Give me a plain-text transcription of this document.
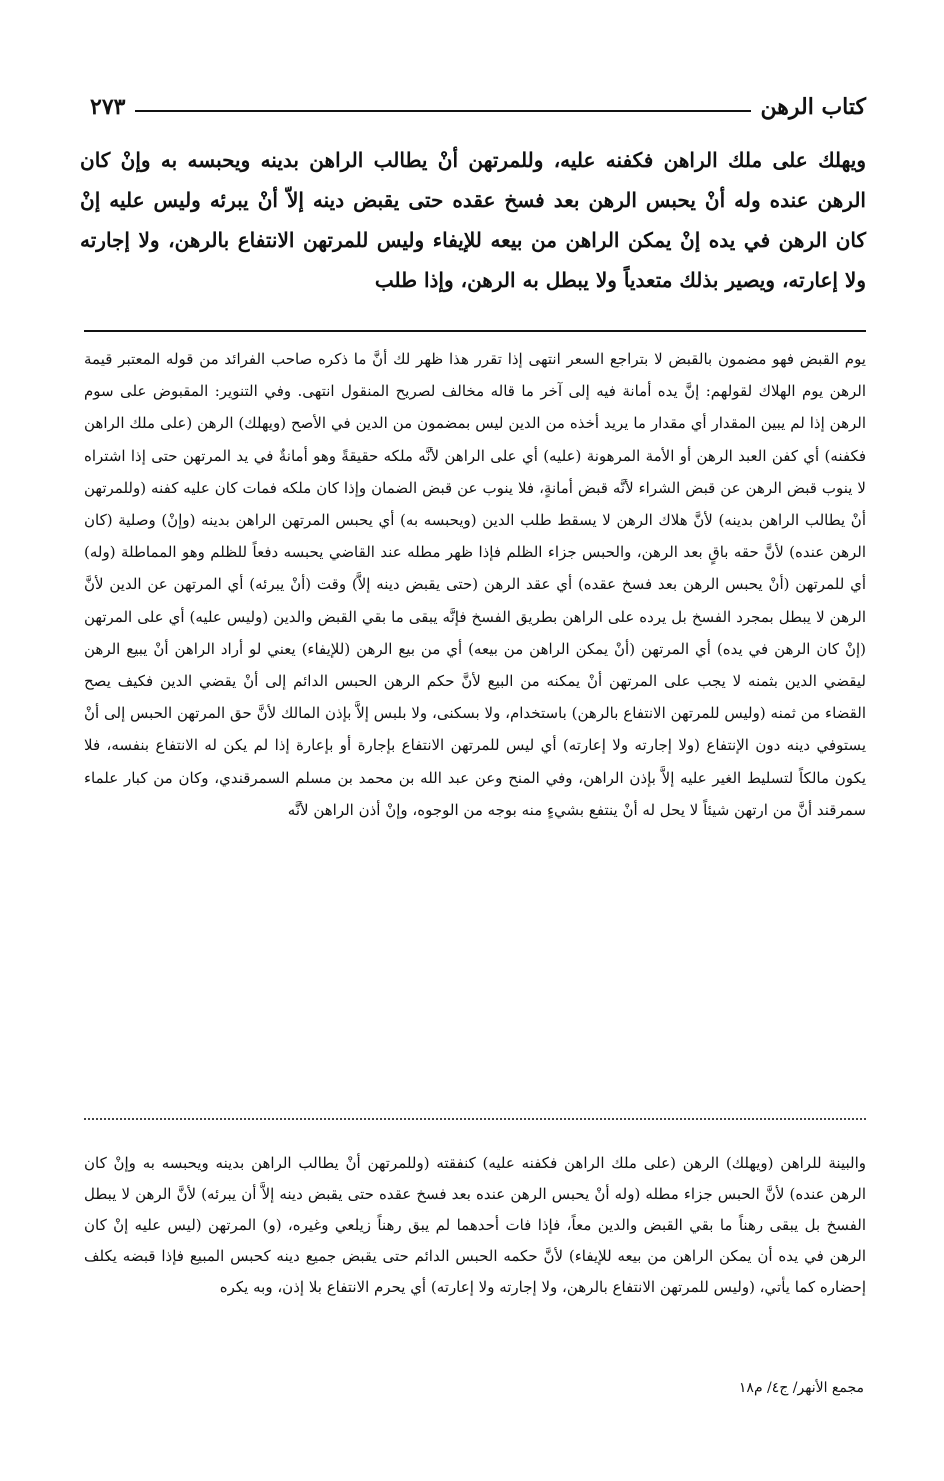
كتاب الرهن
٢٧٣

ويهلك على ملك الراهن فكفنه عليه، وللمرتهن أنْ يطالب الراهن بدينه ويحبسه به وإنْ كان الرهن عنده وله أنْ يحبس الرهن بعد فسخ عقده حتى يقبض دينه إلاّ أنْ يبرئه وليس عليه إنْ كان الرهن في يده إنْ يمكن الراهن من بيعه للإيفاء وليس للمرتهن الانتفاع بالرهن، ولا إجارته ولا إعارته، ويصير بذلك متعدياً ولا يبطل به الرهن، وإذا طلب

يوم القبض فهو مضمون بالقبض لا بتراجع السعر انتهى إذا تقرر هذا ظهر لك أنَّ ما ذكره صاحب الفرائد من قوله المعتبر قيمة الرهن يوم الهلاك لقولهم: إنَّ يده أمانة فيه إلى آخر ما قاله مخالف لصريح المنقول انتهى. وفي التنوير: المقبوض على سوم الرهن إذا لم يبين المقدار أي مقدار ما يريد أخذه من الدين ليس بمضمون من الدين في الأصح (ويهلك) الرهن (على ملك الراهن فكفنه) أي كفن العبد الرهن أو الأمة المرهونة (عليه) أي على الراهن لأنَّه ملكه حقيقةً وهو أمانةٌ في يد المرتهن حتى إذا اشتراه لا ينوب قبض الرهن عن قبض الشراء لأنَّه قبض أمانةٍ، فلا ينوب عن قبض الضمان وإذا كان ملكه فمات كان عليه كفنه (وللمرتهن أنْ يطالب الراهن بدينه) لأنَّ هلاك الرهن لا يسقط طلب الدين (ويحبسه به) أي يحبس المرتهن الراهن بدينه (وإنْ) وصلية (كان الرهن عنده) لأنَّ حقه باقٍ بعد الرهن، والحبس جزاء الظلم فإذا ظهر مطله عند القاضي يحبسه دفعاً للظلم وهو المماطلة (وله) أي للمرتهن (أنْ يحبس الرهن بعد فسخ عقده) أي عقد الرهن (حتى يقبض دينه إلاَّ) وقت (أنْ يبرئه) أي المرتهن عن الدين لأنَّ الرهن لا يبطل بمجرد الفسخ بل يرده على الراهن بطريق الفسخ فإنَّه يبقى ما بقي القبض والدين (وليس عليه) أي على المرتهن (إنْ كان الرهن في يده) أي المرتهن (أنْ يمكن الراهن من بيعه) أي من بيع الرهن (للإيفاء) يعني لو أراد الراهن أنْ يبيع الرهن ليقضي الدين بثمنه لا يجب على المرتهن أنْ يمكنه من البيع لأنَّ حكم الرهن الحبس الدائم إلى أنْ يقضي الدين فكيف يصح القضاء من ثمنه (وليس للمرتهن الانتفاع بالرهن) باستخدام، ولا بسكنى، ولا بلبس إلاَّ بإذن المالك لأنَّ حق المرتهن الحبس إلى أنْ يستوفي دينه دون الإنتفاع (ولا إجارته ولا إعارته) أي ليس للمرتهن الانتفاع بإجارة أو بإعارة إذا لم يكن له الانتفاع بنفسه، فلا يكون مالكاً لتسليط الغير عليه إلاَّ بإذن الراهن، وفي المنح وعن عبد الله بن محمد بن مسلم السمرقندي، وكان من كبار علماء سمرقند أنَّ من ارتهن شيئاً لا يحل له أنْ ينتفع بشيءٍ منه بوجه من الوجوه، وإنْ أذن الراهن لأنَّه

والبينة للراهن (ويهلك) الرهن (على ملك الراهن فكفنه عليه) كنفقته (وللمرتهن أنْ يطالب الراهن بدينه ويحبسه به وإنْ كان الرهن عنده) لأنَّ الحبس جزاء مطله (وله أنْ يحبس الرهن عنده بعد فسخ عقده حتى يقبض دينه إلاَّ أن يبرئه) لأنَّ الرهن لا يبطل الفسخ بل يبقى رهناً ما بقي القبض والدين معاً، فإذا فات أحدهما لم يبق رهناً زيلعي وغيره، (و) المرتهن (ليس عليه إنْ كان الرهن في يده أن يمكن الراهن من بيعه للإيفاء) لأنَّ حكمه الحبس الدائم حتى يقبض جميع دينه كحبس المبيع فإذا قبضه يكلف إحضاره كما يأتي، (وليس للمرتهن الانتفاع بالرهن، ولا إجارته ولا إعارته) أي يحرم الانتفاع بلا إذن، وبه يكره

مجمع الأنهر/ ج٤/ م١٨
